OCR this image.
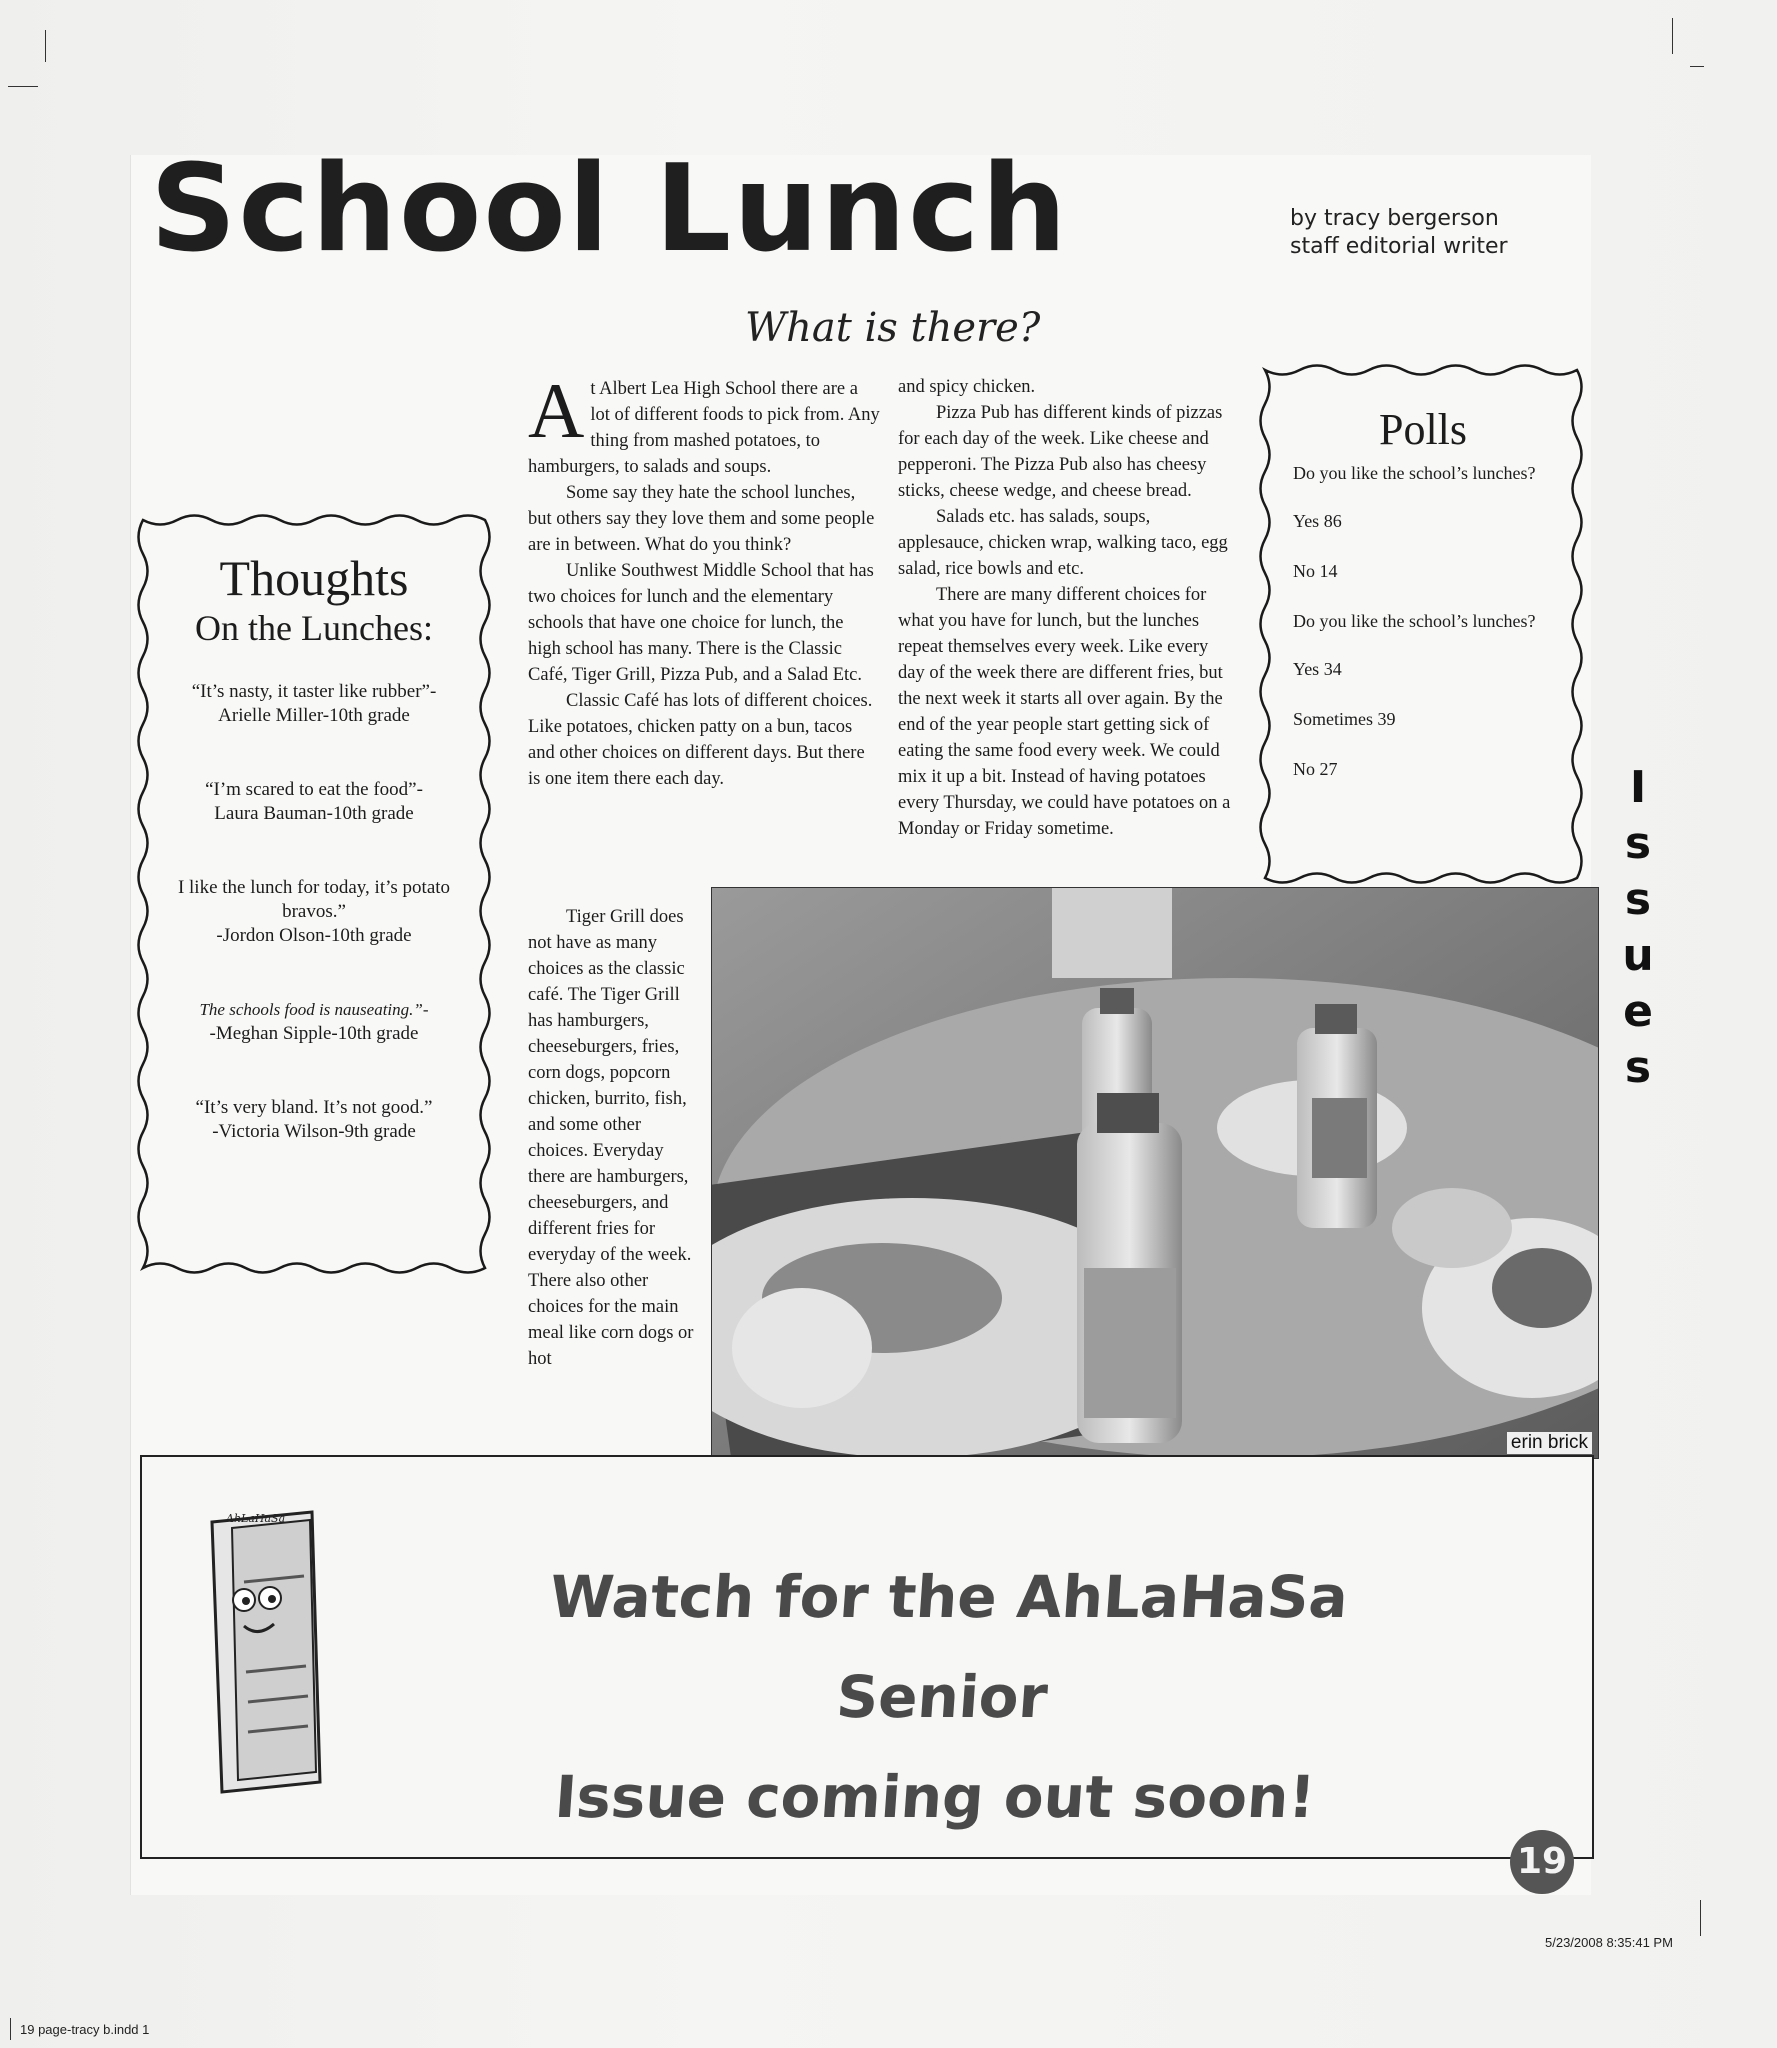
School Lunch	by tracy bergerson
staff editorial writer
What is there?
Thoughts
On the Lunches:
“It’s nasty, it taster like rubber”-
Arielle Miller-10th grade
“I’m scared to eat the food”-
Laura Bauman-10th grade
I like the lunch for today, it’s potato bravos.”
-Jordon Olson-10th grade
The schools food is nauseating.”-
-Meghan Sipple-10th grade
“It’s very bland. It’s not good.”
-Victoria Wilson-9th grade
Polls
Do you like the school’s lunches?
Yes 86
No 14
Do you like the school’s lunches?
Yes 34
Sometimes 39
No 27

At Albert Lea High School there are a lot of different foods to pick from. Any thing from mashed potatoes, to hamburgers, to salads and soups.

Some say they hate the school lunches, but others say they love them and some people are in between. What do you think?

Unlike Southwest Middle School that has two choices for lunch and the elementary schools that have one choice for lunch, the high school has many. There is the Classic Café, Tiger Grill, Pizza Pub, and a Salad Etc.

Classic Café has lots of different choices. Like potatoes, chicken patty on a bun, tacos and other choices on different days. But there is one item there each day.

Tiger Grill does not have as many choices as the classic café. The Tiger Grill has hamburgers, cheeseburgers, fries, corn dogs, popcorn chicken, burrito, fish, and some other choices. Everyday there are hamburgers, cheeseburgers, and different fries for everyday of the week. There also other choices for the main meal like corn dogs or hot

and spicy chicken.

Pizza Pub has different kinds of pizzas for each day of the week. Like cheese and pepperoni. The Pizza Pub also has cheesy sticks, cheese wedge, and cheese bread.

Salads etc. has salads, soups, applesauce, chicken wrap, walking taco, egg salad, rice bowls and etc.

There are many different choices for what you have for lunch, but the lunches repeat themselves every week. Like every day of the week there are different fries, but the next week it starts all over again. By the end of the year people start getting sick of eating the same food every week. We could mix it up a bit. Instead of having potatoes every Thursday, we could have potatoes on a Monday or Friday sometime.

erin brick
I
s
s
u
e
s
AhLaHaSa
Watch for the AhLaHaSa Senior
Issue coming out soon!
19
5/23/2008 8:35:41 PM
19 page-tracy b.indd 1
